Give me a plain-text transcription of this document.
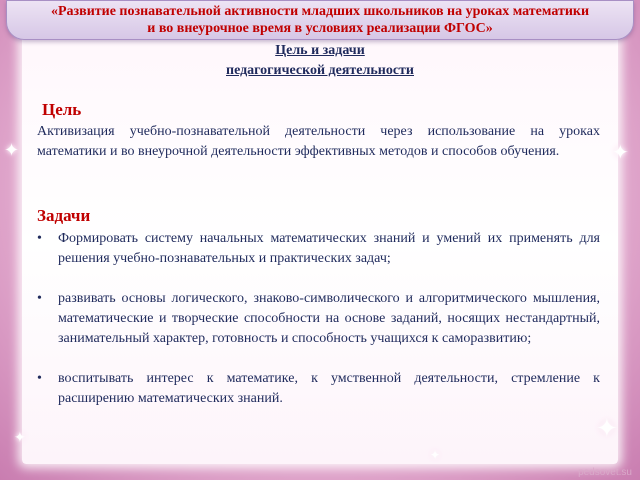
«Развитие познавательной активности младших школьников на уроках математики
и во внеурочное время в условиях реализации ФГОС»
Цель и задачи
педагогической деятельности
Цель
Активизация учебно-познавательной деятельности через использование на уроках математики и во внеурочной деятельности эффективных методов и способов обучения.
Задачи
• Формировать систему начальных математических знаний и умений их применять для решения учебно-познавательных и практических задач;
• развивать основы логического, знаково-символического и алгоритмического мышления, математические и творческие способности на основе заданий, носящих нестандартный, занимательный характер, готовность и способность учащихся к саморазвитию;
• воспитывать интерес к математике, к умственной деятельности, стремление к расширению математических знаний.
✦	✦
✦
✦
✦
pedsovet.su
